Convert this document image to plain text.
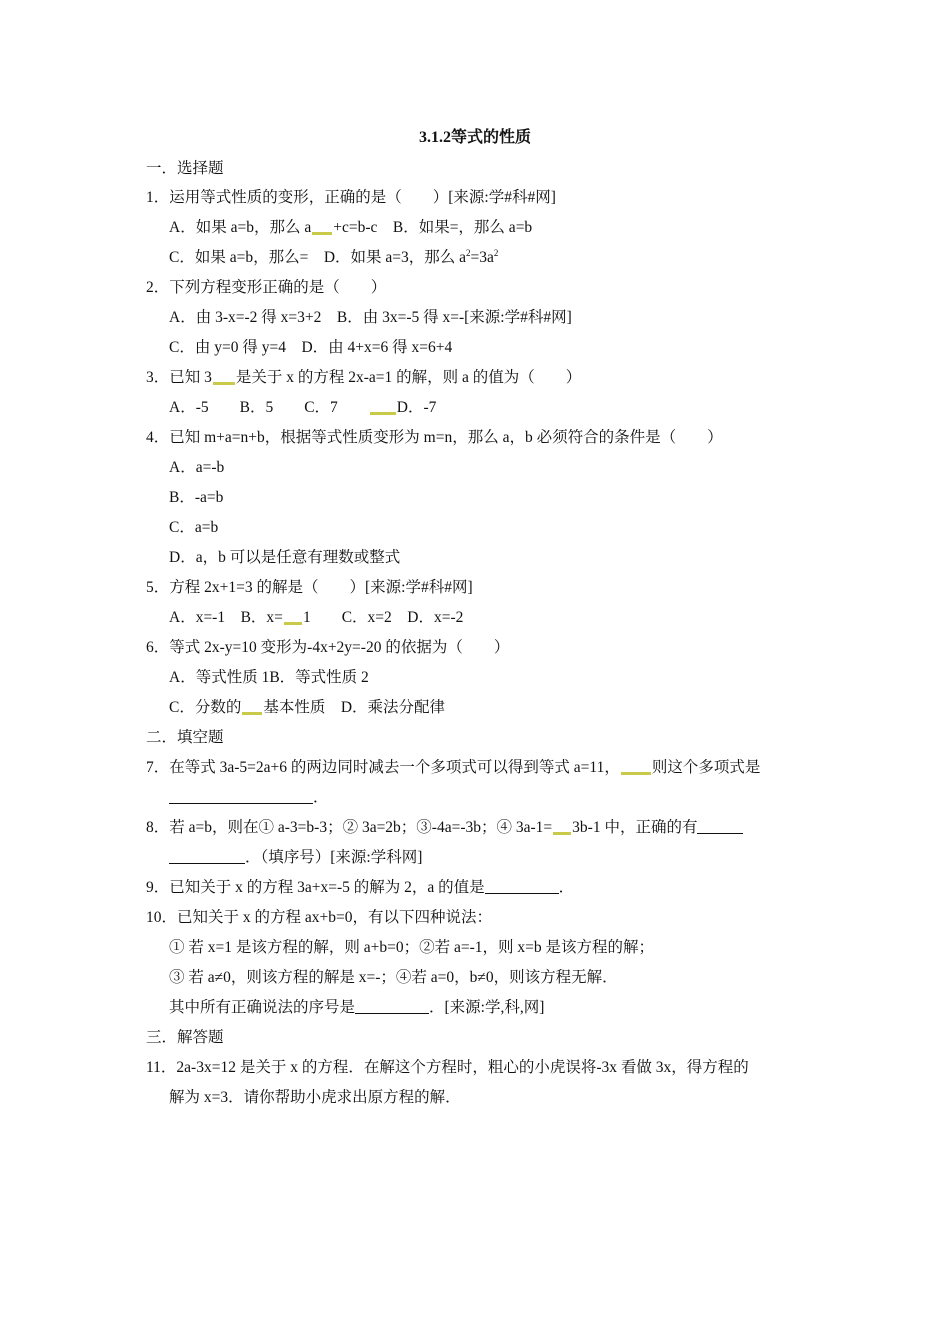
3.1.2等式的性质
一．选择题
1．运用等式性质的变形，正确的是（　　）[来源:学#科#网]
A．如果 a=b，那么 a +c=b-c　B．如果=，那么 a=b
C．如果 a=b，那么=　D．如果 a=3，那么 $a^2=3a^2$
2．下列方程变形正确的是（　　）
A．由 3-x=-2 得 x=3+2　B．由 3x=-5 得 x=-[来源:学#科#网]
C．由 y=0 得 y=4　D．由 4+x=6 得 x=6+4
3．已知 3 是关于 x 的方程 2x-a=1 的解，则 a 的值为（　　）
A．-5　　B．5　　C．7　　D．-7
4．已知 m+a=n+b，根据等式性质变形为 m=n，那么 a，b 必须符合的条件是（　　）
A．a=-b
B．-a=b
C．a=b
D．a，b 可以是任意有理数或整式
5．方程 2x+1=3 的解是（　　）[来源:学#科#网]
A．x=-1　B．x= 1　　C．x=2　D．x=-2
6．等式 2x-y=10 变形为-4x+2y=-20 的依据为（　　）
A．等式性质 1B．等式性质 2
C．分数的 基本性质　D．乘法分配律
二．填空题
7．在等式 3a-5=2a+6 的两边同时减去一个多项式可以得到等式 a=11， 则这个多项式是
．
8．若 a=b，则在① a-3=b-3；② 3a=2b；③-4a=-3b；④ 3a-1= 3b-1 中，正确的有
．（填序号）[来源:学科网]
9．已知关于 x 的方程 3a+x=-5 的解为 2，a 的值是	．
10．已知关于 x 的方程 ax+b=0，有以下四种说法：
① 若 x=1 是该方程的解，则 a+b=0；②若 a=-1，则 x=b 是该方程的解；
③ 若 a≠0，则该方程的解是 x=-；④若 a=0，b≠0，则该方程无解．
其中所有正确说法的序号是	．[来源:学,科,网]
三．解答题
11．2a-3x=12 是关于 x 的方程．在解这个方程时，粗心的小虎误将-3x 看做 3x，得方程的
解为 x=3．请你帮助小虎求出原方程的解．
